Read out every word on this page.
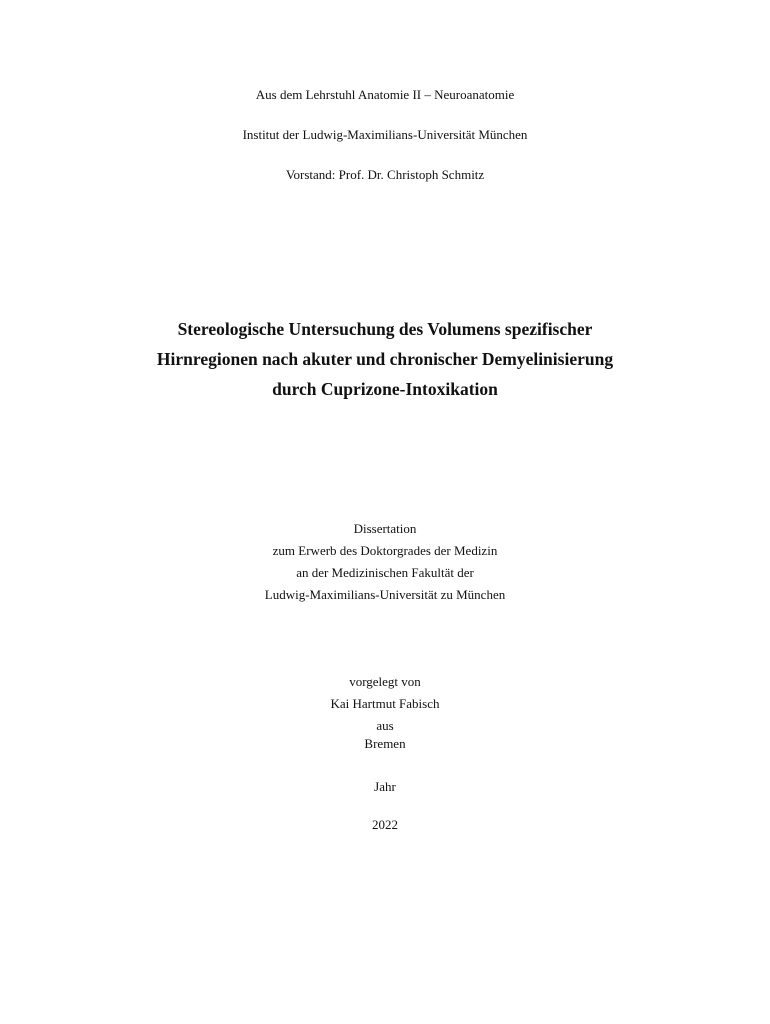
Aus dem Lehrstuhl Anatomie II – Neuroanatomie
Institut der Ludwig-Maximilians-Universität München
Vorstand: Prof. Dr. Christoph Schmitz
Stereologische Untersuchung des Volumens spezifischer
Hirnregionen nach akuter und chronischer Demyelinisierung
durch Cuprizone-Intoxikation
Dissertation
zum Erwerb des Doktorgrades der Medizin
an der Medizinischen Fakultät der
Ludwig-Maximilians-Universität zu München
vorgelegt von
Kai Hartmut Fabisch
aus
Bremen
Jahr
2022
